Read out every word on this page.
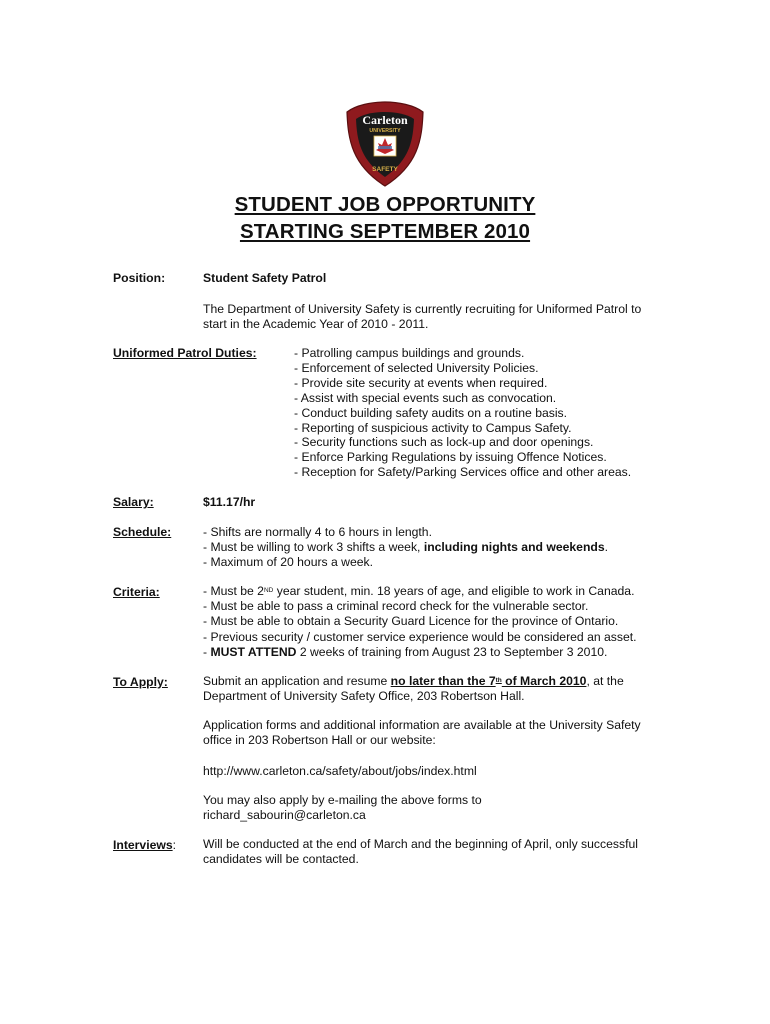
Carleton
UNIVERSITY
SAFETY
STUDENT JOB OPPORTUNITY
STARTING SEPTEMBER 2010
Position:	Student Safety Patrol
The Department of University Safety is currently recruiting for Uniformed Patrol to
start in the Academic Year of 2010 - 2011.
Uniformed Patrol Duties:	- Patrolling campus buildings and grounds.
- Enforcement of selected University Policies.
- Provide site security at events when required.
- Assist with special events such as convocation.
- Conduct building safety audits on a routine basis.
- Reporting of suspicious activity to Campus Safety.
- Security functions such as lock-up and door openings.
- Enforce Parking Regulations by issuing Offence Notices.
- Reception for Safety/Parking Services office and other areas.
Salary:	$11.17/hr
Schedule:	- Shifts are normally 4 to 6 hours in length.
- Must be willing to work 3 shifts a week, including nights and weekends.
- Maximum of 20 hours a week.
Criteria:	- Must be 2ND year student, min. 18 years of age, and eligible to work in Canada.
- Must be able to pass a criminal record check for the vulnerable sector.
- Must be able to obtain a Security Guard Licence for the province of Ontario.
- Previous security / customer service experience would be considered an asset.
- MUST ATTEND 2 weeks of training from August 23 to September 3 2010.
To Apply:	Submit an application and resume no later than the 7th of March 2010, at the
Department of University Safety Office, 203 Robertson Hall.
Application forms and additional information are available at the University Safety
office in 203 Robertson Hall or our website:
http://www.carleton.ca/safety/about/jobs/index.html
You may also apply by e-mailing the above forms to
richard_sabourin@carleton.ca
Interviews: Will be conducted at the end of March and the beginning of April, only successful
candidates will be contacted.
